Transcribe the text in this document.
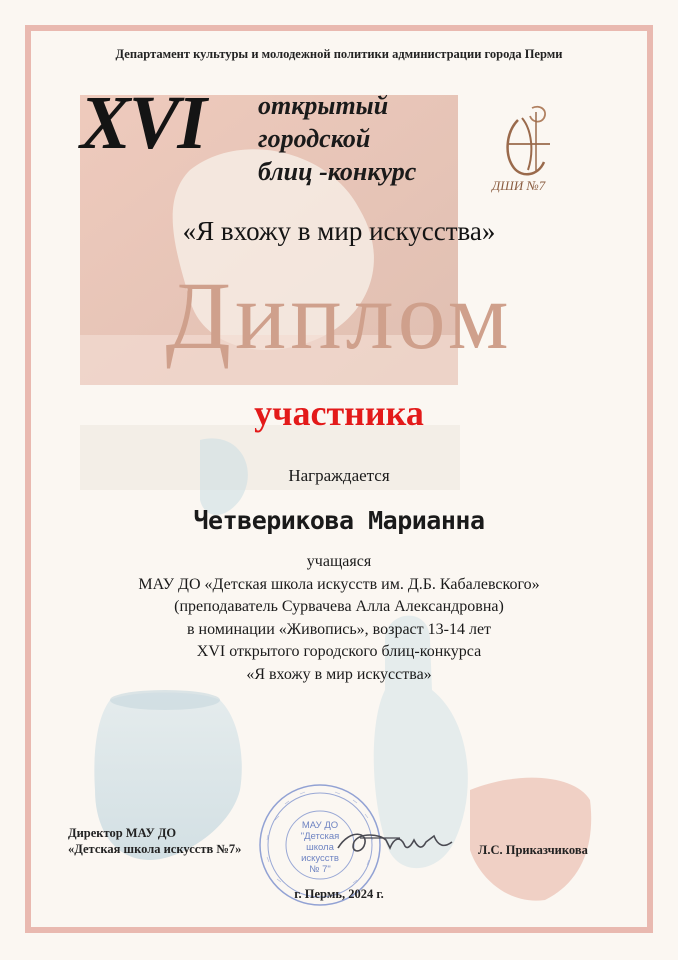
Департамент культуры и молодежной политики администрации города Перми
XVI открытый
городской
блиц -конкурс	ДШИ №7
«Я вхожу в мир искусства»
Диплом
участника
Награждается
Четверикова Марианна
учащаяся
МАУ ДО «Детская школа искусств им. Д.Б. Кабалевского»
(преподаватель Сурвачева Алла Александровна)
в номинации «Живопись», возраст 13-14 лет
XVI открытого городского блиц-конкурса
«Я вхожу в мир искусства»
МАУ ДО
"Детская
школа
искусств
№ 7"
Директор МАУ ДО
«Детская школа искусств №7»	Л.С. Приказчикова
г. Пермь, 2024 г.
